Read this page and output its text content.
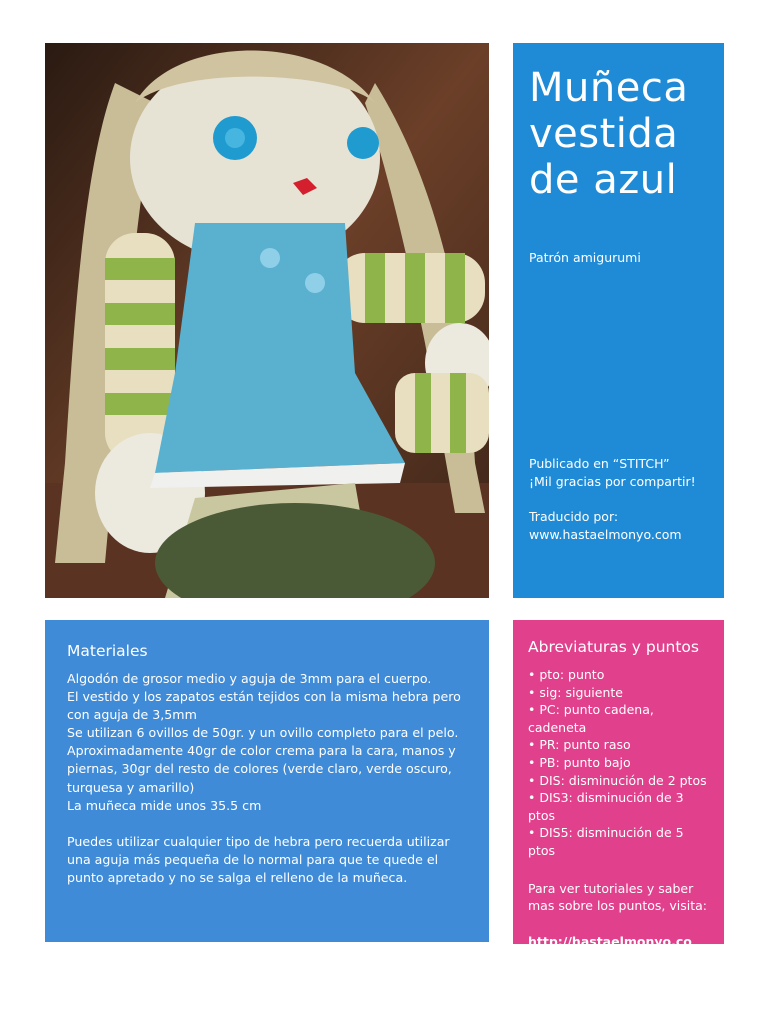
Muñeca
vestida
de azul
Patrón amigurumi
Publicado en “STITCH”
¡Mil gracias por compartir!
Traducido por:
www.hastaelmonyo.com
Materiales

Algodón de grosor medio y aguja de 3mm para el cuerpo.

El vestido y los zapatos están tejidos con la misma hebra pero con aguja de 3,5mm

Se utilizan 6 ovillos de 50gr. y un ovillo completo para el pelo.

Aproximadamente 40gr de color crema para la cara, manos y piernas, 30gr del resto de colores (verde claro, verde oscuro, turquesa y amarillo)

La muñeca mide unos 35.5 cm

Puedes utilizar cualquier tipo de hebra pero recuerda utilizar una aguja más pequeña de lo normal para que te quede el punto apretado y no se salga el relleno de la muñeca.

Abreviaturas y puntos
• pto: punto
• sig: siguiente
• PC: punto cadena, cadeneta
• PR: punto raso
• PB: punto bajo
• DIS: disminución de 2 ptos
• DIS3: disminución de 3 ptos
• DIS5: disminución de 5 ptos

Para ver tutoriales y saber mas sobre los puntos, visita:

http://hastaelmonyo.com/?page_id=1774
